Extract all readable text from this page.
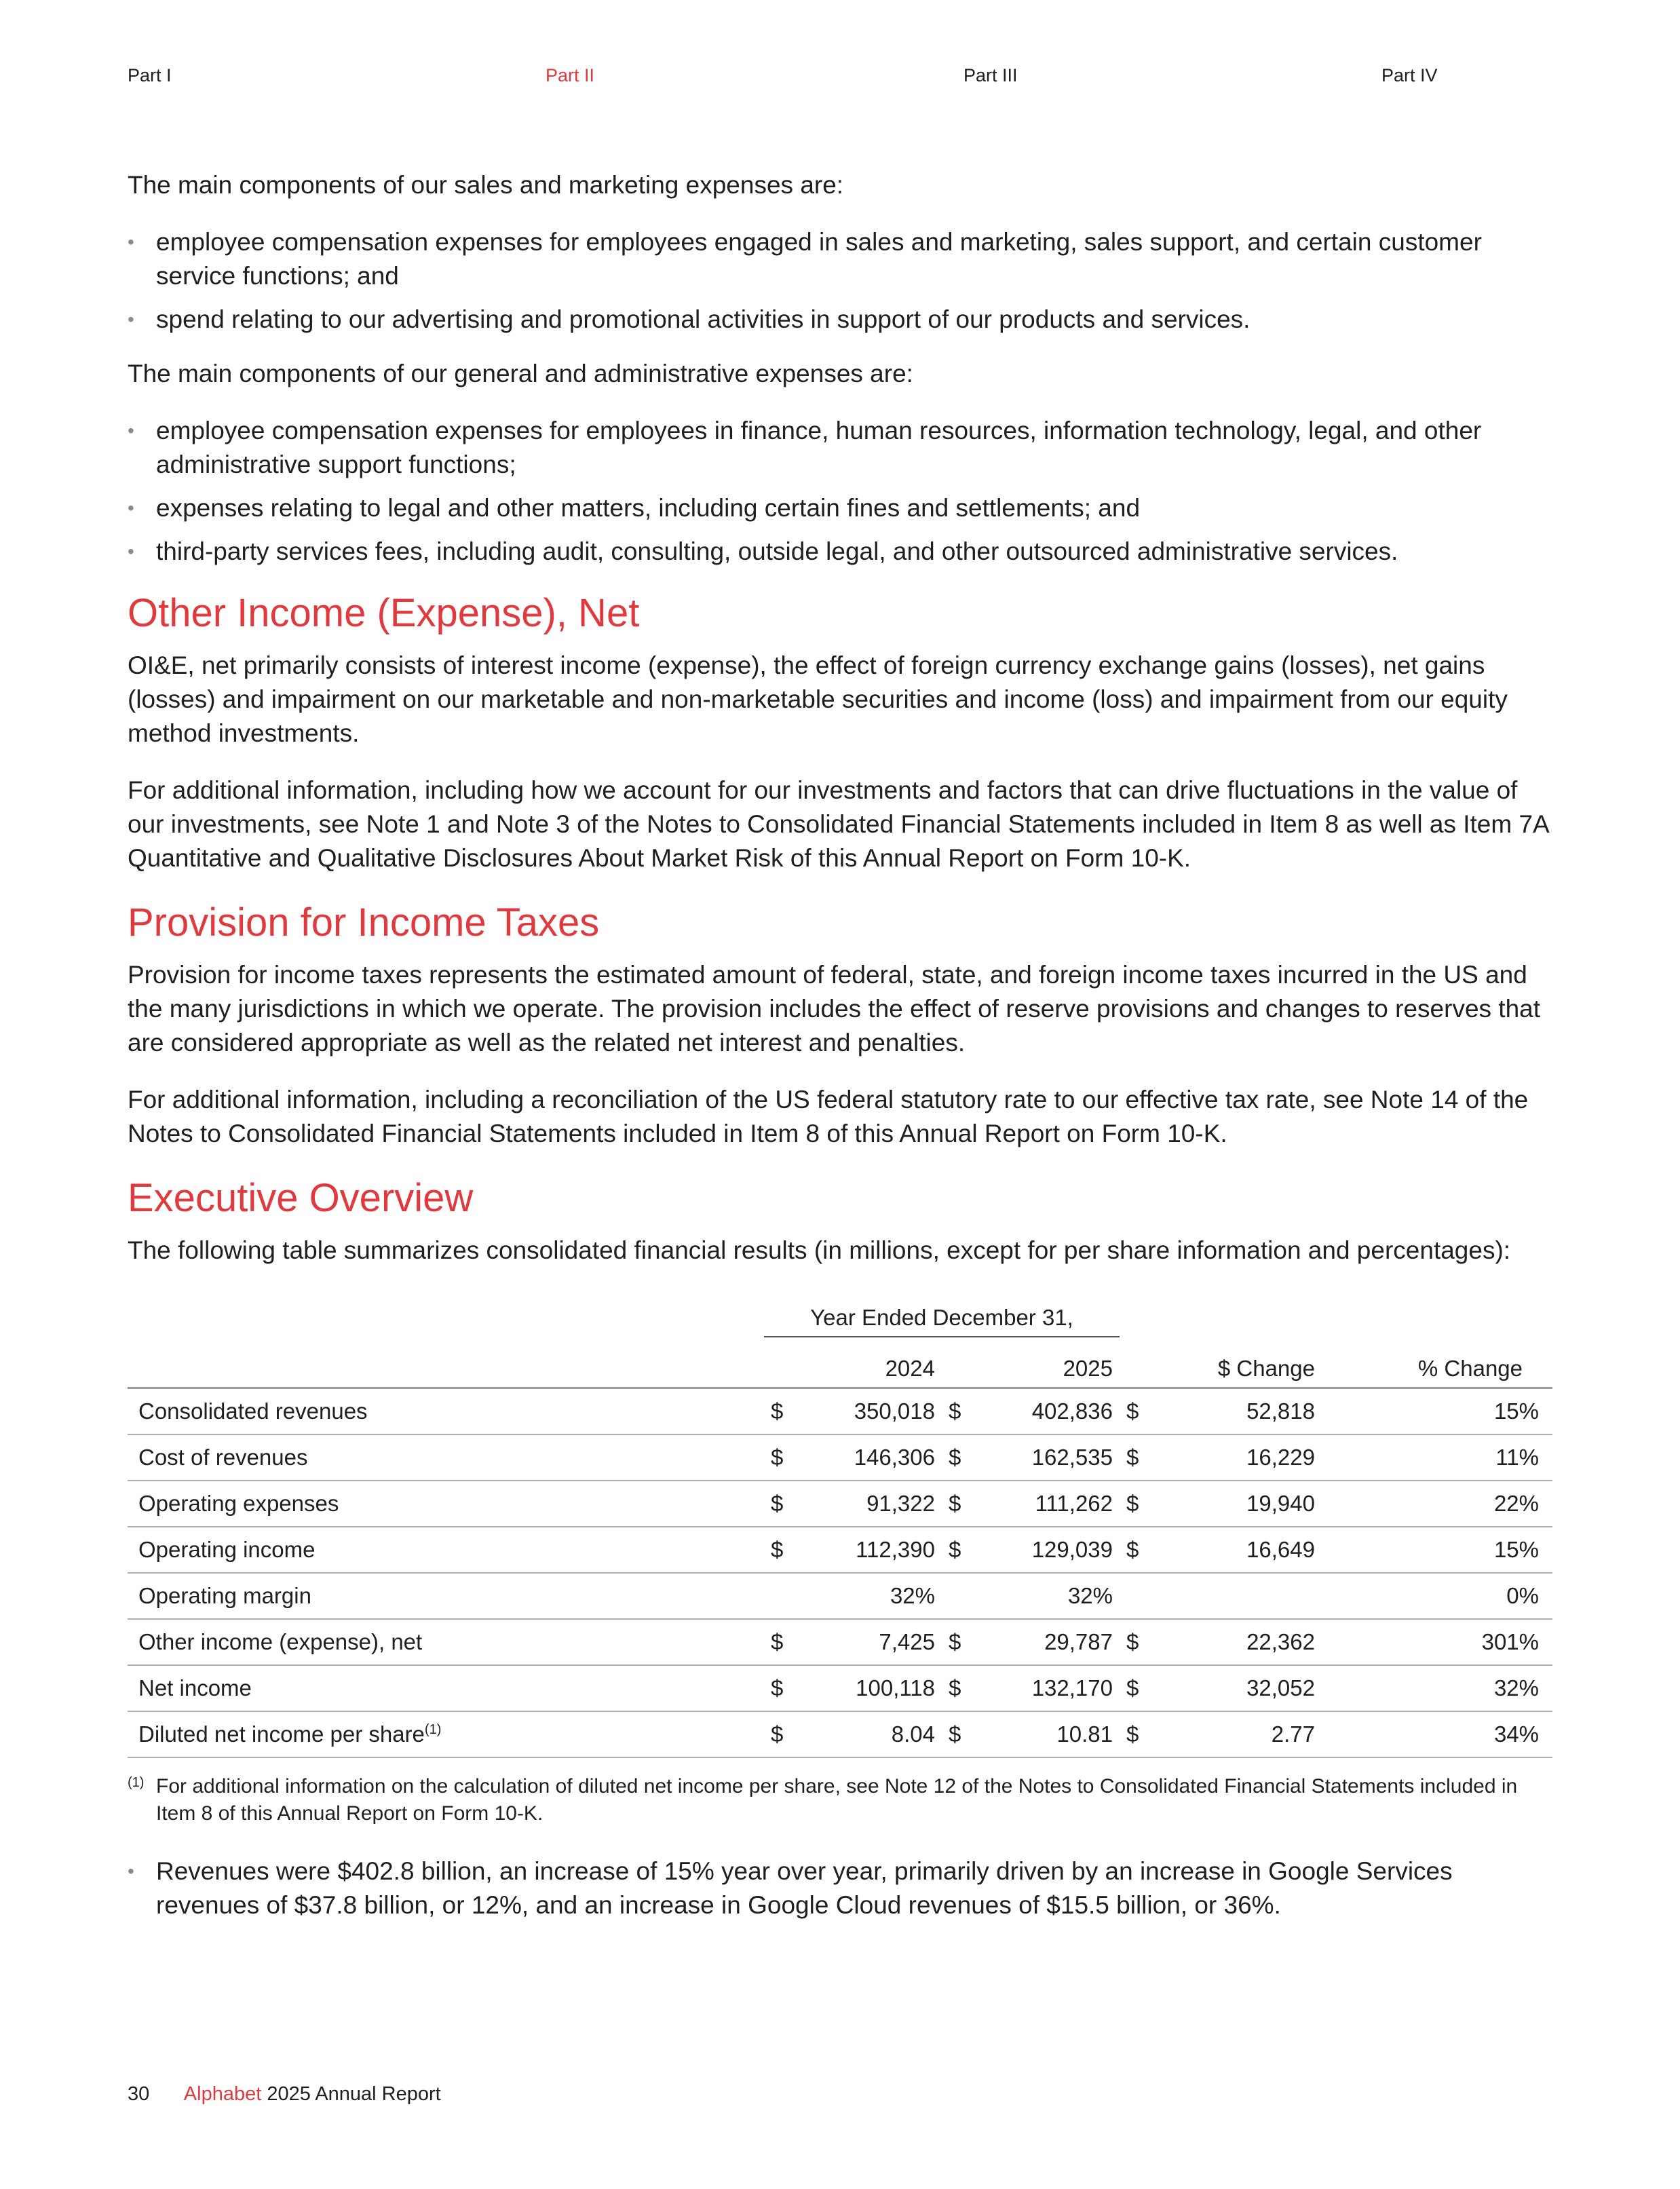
Part I	Part II	Part III	Part IV

The main components of our sales and marketing expenses are:

• employee compensation expenses for employees engaged in sales and marketing, sales support, and certain customer service functions; and
• spend relating to our advertising and promotional activities in support of our products and services.

The main components of our general and administrative expenses are:

• employee compensation expenses for employees in finance, human resources, information technology, legal, and other administrative support functions;
• expenses relating to legal and other matters, including certain fines and settlements; and
• third-party services fees, including audit, consulting, outside legal, and other outsourced administrative services.
Other Income (Expense), Net

OI&E, net primarily consists of interest income (expense), the effect of foreign currency exchange gains (losses), net gains (losses) and impairment on our marketable and non-marketable securities and income (loss) and impairment from our equity method investments.

For additional information, including how we account for our investments and factors that can drive fluctuations in the value of our investments, see Note 1 and Note 3 of the Notes to Consolidated Financial Statements included in Item 8 as well as Item 7A Quantitative and Qualitative Disclosures About Market Risk of this Annual Report on Form 10-K.

Provision for Income Taxes

Provision for income taxes represents the estimated amount of federal, state, and foreign income taxes incurred in the US and the many jurisdictions in which we operate. The provision includes the effect of reserve provisions and changes to reserves that are considered appropriate as well as the related net interest and penalties.

For additional information, including a reconciliation of the US federal statutory rate to our effective tax rate, see Note 14 of the Notes to Consolidated Financial Statements included in Item 8 of this Annual Report on Form 10-K.

Executive Overview

The following table summarizes consolidated financial results (in millions, except for per share information and percentages):

	Year Ended December 31,						
		2024		2025		$ Change	% Change
Consolidated revenues	$	350,018	$	402,836	$	52,818	15%
Cost of revenues	$	146,306	$	162,535	$	16,229	11%
Operating expenses	$	91,322	$	111,262	$	19,940	22%
Operating income	$	112,390	$	129,039	$	16,649	15%
Operating margin		32%		32%			0%
Other income (expense), net	$	7,425	$	29,787	$	22,362	301%
Net income	$	100,118	$	132,170	$	32,052	32%
Diluted net income per share$^{(1)}$	$	8.04	$	10.81	$	2.77	34%
(1) For additional information on the calculation of diluted net income per share, see Note 12 of the Notes to Consolidated Financial Statements included in Item 8 of this Annual Report on Form 10-K.
• Revenues were $402.8 billion, an increase of 15% year over year, primarily driven by an increase in Google Services revenues of $37.8 billion, or 12%, and an increase in Google Cloud revenues of $15.5 billion, or 36%.
30 Alphabet 2025 Annual Report
